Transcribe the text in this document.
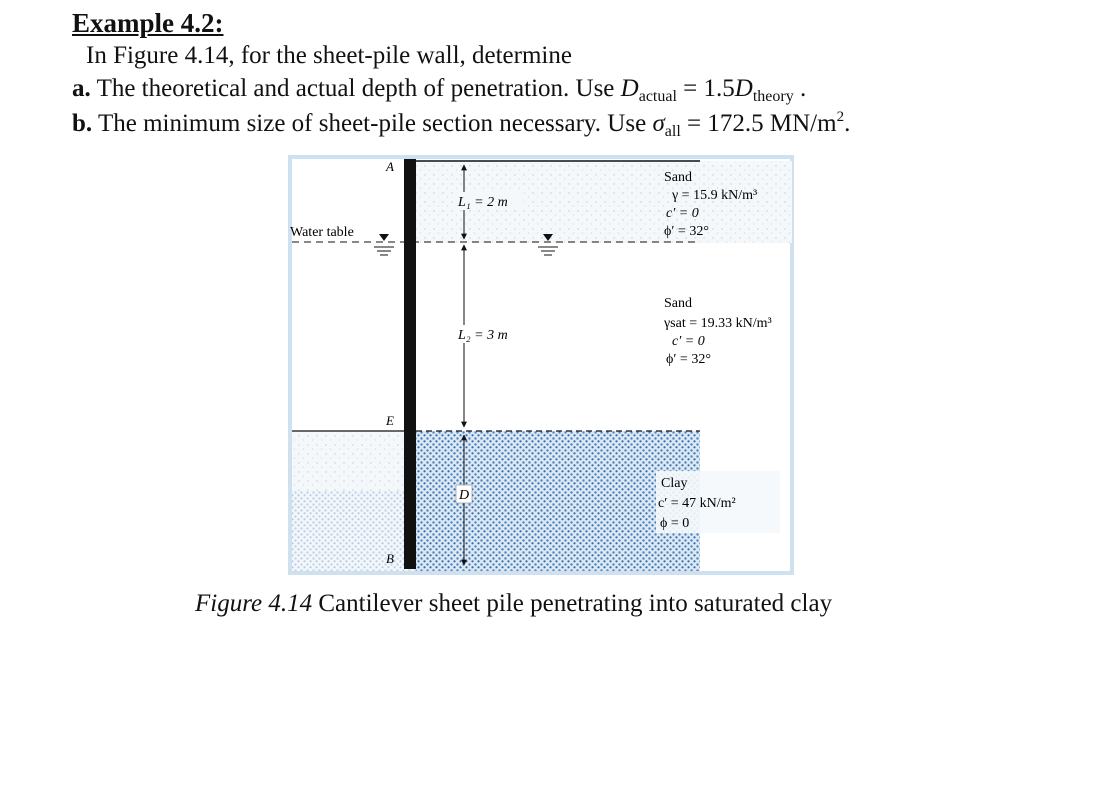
Example 4.2:
In Figure 4.14, for the sheet-pile wall, determine
a. The theoretical and actual depth of penetration. Use $D_{actual} = 1.5D_{theory}$ .
b. The minimum size of sheet-pile section necessary. Use $\sigma_{all} = 172.5$ $MN/m^2$.
A
E
B
Water table
L₁ = 2 m
L₂ = 3 m
D
Sand
γ = 15.9 kN/m³
c′ = 0
ϕ′ = 32°
Sand
γsat = 19.33 kN/m³
c′ = 0
ϕ′ = 32°
Clay
c′ = 47 kN/m²
ϕ = 0
Figure 4.14 Cantilever sheet pile penetrating into saturated clay
